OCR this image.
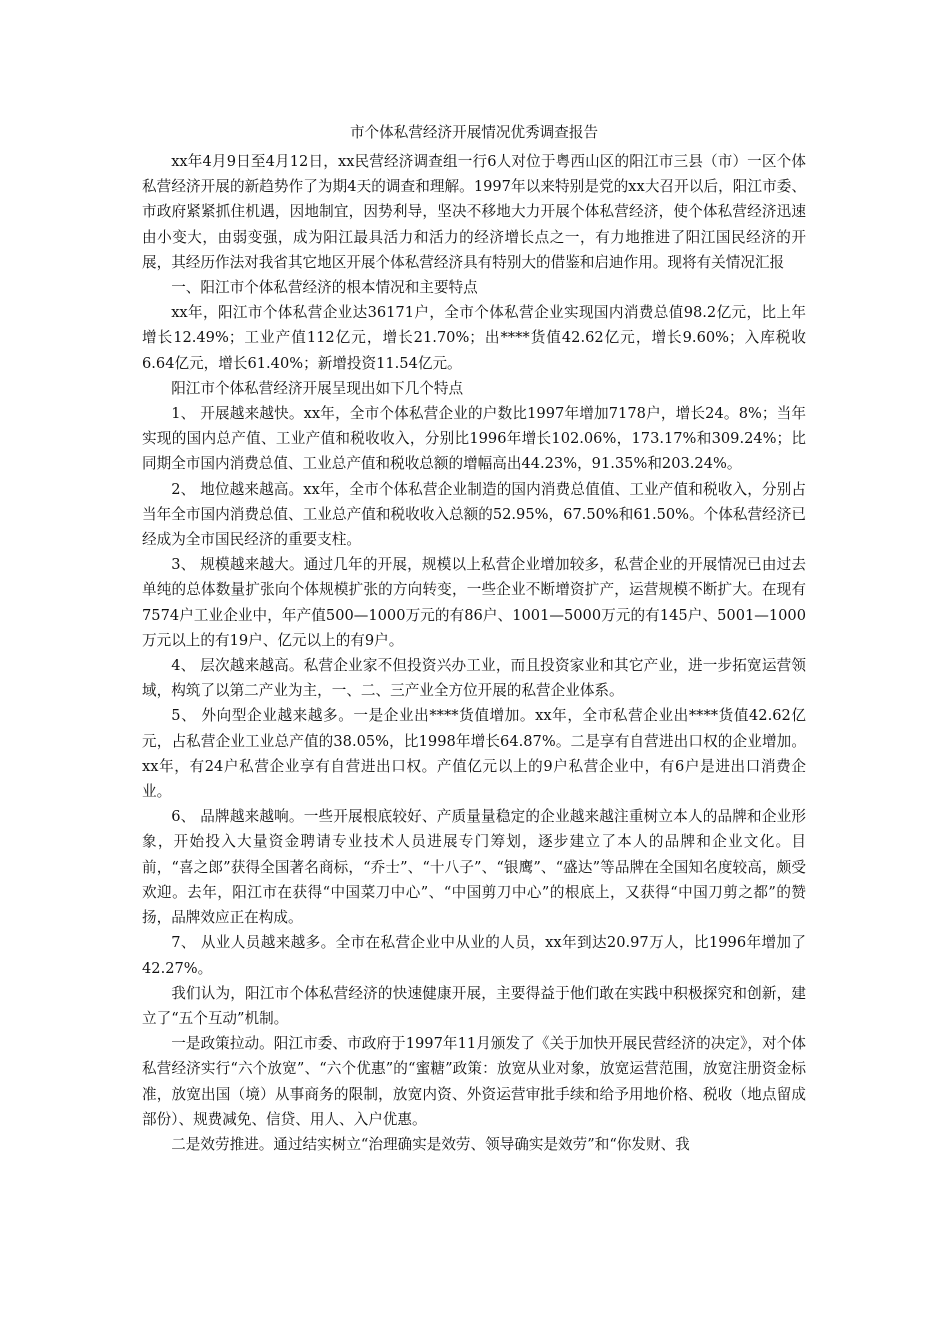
市个体私营经济开展情况优秀调查报告

xx年4月9日至4月12日，xx民营经济调查组一行6人对位于粤西山区的阳江市三县（市）一区个体私营经济开展的新趋势作了为期4天的调查和理解。1997年以来特别是党的xx大召开以后，阳江市委、市政府紧紧抓住机遇，因地制宜，因势利导，坚决不移地大力开展个体私营经济，使个体私营经济迅速由小变大，由弱变强，成为阳江最具活力和活力的经济增长点之一，有力地推进了阳江国民经济的开展，其经历作法对我省其它地区开展个体私营经济具有特别大的借鉴和启迪作用。现将有关情况汇报

一、阳江市个体私营经济的根本情况和主要特点

xx年，阳江市个体私营企业达36171户，全市个体私营企业实现国内消费总值98.2亿元，比上年增长12.49%；工业产值112亿元，增长21.70%；出****货值42.62亿元，增长9.60%；入库税收6.64亿元，增长61.40%；新增投资11.54亿元。

阳江市个体私营经济开展呈现出如下几个特点

1、 开展越来越快。xx年，全市个体私营企业的户数比1997年增加7178户，增长24。8%；当年实现的国内总产值、工业产值和税收收入，分别比1996年增长102.06%，173.17%和309.24%；比同期全市国内消费总值、工业总产值和税收总额的增幅高出44.23%，91.35%和203.24%。

2、 地位越来越高。xx年，全市个体私营企业制造的国内消费总值值、工业产值和税收入，分别占当年全市国内消费总值、工业总产值和税收收入总额的52.95%，67.50%和61.50%。个体私营经济已经成为全市国民经济的重要支柱。

3、 规模越来越大。通过几年的开展，规模以上私营企业增加较多，私营企业的开展情况已由过去单纯的总体数量扩张向个体规模扩张的方向转变，一些企业不断增资扩产，运营规模不断扩大。在现有7574户工业企业中，年产值500—1000万元的有86户、1001—5000万元的有145户、5001—1000万元以上的有19户、亿元以上的有9户。

4、 层次越来越高。私营企业家不但投资兴办工业，而且投资家业和其它产业，进一步拓宽运营领域，构筑了以第二产业为主，一、二、三产业全方位开展的私营企业体系。

5、 外向型企业越来越多。一是企业出****货值增加。xx年，全市私营企业出****货值42.62亿元，占私营企业工业总产值的38.05%，比1998年增长64.87%。二是享有自营进出口权的企业增加。xx年，有24户私营企业享有自营进出口权。产值亿元以上的9户私营企业中，有6户是进出口消费企业。

6、 品牌越来越响。一些开展根底较好、产质量量稳定的企业越来越注重树立本人的品牌和企业形象，开始投入大量资金聘请专业技术人员进展专门筹划，逐步建立了本人的品牌和企业文化。目前，“喜之郎”获得全国著名商标，“乔士”、“十八子”、“银鹰”、“盛达”等品牌在全国知名度较高，颇受欢迎。去年，阳江市在获得“中国菜刀中心”、“中国剪刀中心”的根底上，又获得“中国刀剪之都”的赞扬，品牌效应正在构成。

7、 从业人员越来越多。全市在私营企业中从业的人员，xx年到达20.97万人，比1996年增加了42.27%。

我们认为，阳江市个体私营经济的快速健康开展，主要得益于他们敢在实践中积极探究和创新，建立了“五个互动”机制。

一是政策拉动。阳江市委、市政府于1997年11月颁发了《关于加快开展民营经济的决定》，对个体私营经济实行“六个放宽”、“六个优惠”的“蜜糖”政策：放宽从业对象，放宽运营范围，放宽注册资金标准，放宽出国（境）从事商务的限制，放宽内资、外资运营审批手续和给予用地价格、税收（地点留成部份）、规费减免、信贷、用人、入户优惠。

二是效劳推进。通过结实树立“治理确实是效劳、领导确实是效劳”和“你发财、我
